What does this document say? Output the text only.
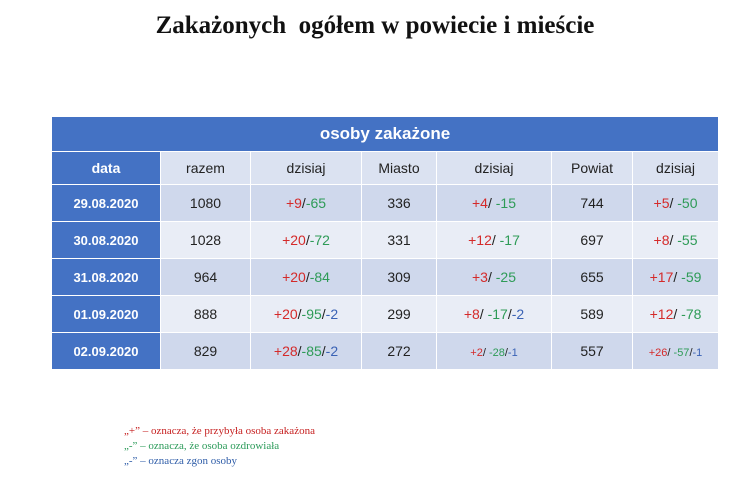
Zakażonych  ogółem w powiecie i mieście
osoby zakażone						
data	razem	dzisiaj	Miasto	dzisiaj	Powiat	dzisiaj
29.08.2020	1080	+9/-65	336	+4/ -15	744	+5/ -50
30.08.2020	1028	+20/-72	331	+12/ -17	697	+8/ -55
31.08.2020	964	+20/-84	309	+3/ -25	655	+17/ -59
01.09.2020	888	+20/-95/-2	299	+8/ -17/-2	589	+12/ -78
02.09.2020	829	+28/-85/-2	272	+2/ -28/-1	557	+26/ -57/-1
„+” – oznacza, że przybyła osoba zakażona
„-” – oznacza, że osoba ozdrowiała
„-” – oznacza zgon osoby
